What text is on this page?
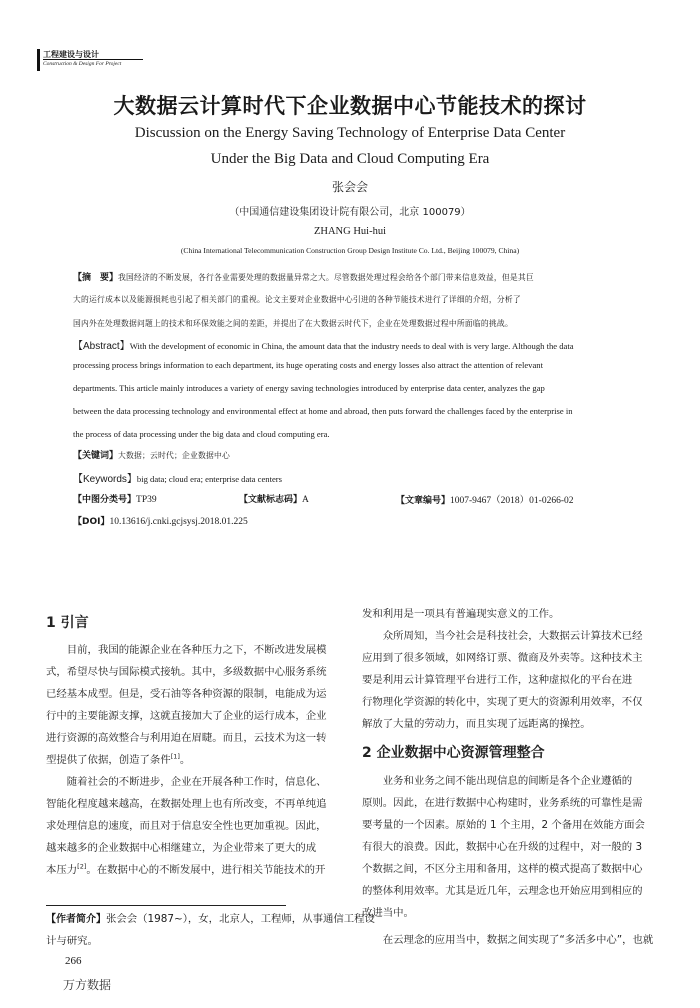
工程建设与设计
Construction & Design For Project
大数据云计算时代下企业数据中心节能技术的探讨
Discussion on the Energy Saving Technology of Enterprise Data Center
Under the Big Data and Cloud Computing Era
张会会
（中国通信建设集团设计院有限公司，北京 100079）
ZHANG Hui-hui
(China International Telecommunication Construction Group Design Institute Co. Ltd., Beijing 100079, China)
【摘　要】我国经济的不断发展，各行各业需要处理的数据量异常之大。尽管数据处理过程会给各个部门带来信息效益，但是其巨
大的运行成本以及能源损耗也引起了相关部门的重视。论文主要对企业数据中心引进的各种节能技术进行了详细的介绍，分析了
国内外在处理数据问题上的技术和环保效能之间的差距，并提出了在大数据云时代下，企业在处理数据过程中所面临的挑战。
【Abstract】With the development of economic in China, the amount data that the industry needs to deal with is very large. Although the data
processing process brings information to each department, its huge operating costs and energy losses also attract the attention of relevant
departments. This article mainly introduces a variety of energy saving technologies introduced by enterprise data center, analyzes the gap
between the data processing technology and environmental effect at home and abroad, then puts forward the challenges faced by the enterprise in
the process of data processing under the big data and cloud computing era.
【关键词】大数据；云时代；企业数据中心
【Keywords】big data; cloud era; enterprise data centers
【中图分类号】TP39	【文献标志码】A	【文章编号】1007-9467（2018）01-0266-02
【DOI】10.13616/j.cnki.gcjsysj.2018.01.225
1 引言
　　目前，我国的能源企业在各种压力之下，不断改进发展模
式，希望尽快与国际模式接轨。其中，多级数据中心服务系统
已经基本成型。但是，受石油等各种资源的限制，电能成为运
行中的主要能源支撑，这就直接加大了企业的运行成本，企业
进行资源的高效整合与利用迫在眉睫。而且，云技术为这一转
型提供了依据，创造了条件[1]。
　　随着社会的不断进步，企业在开展各种工作时，信息化、
智能化程度越来越高，在数据处理上也有所改变，不再单纯追
求处理信息的速度，而且对于信息安全性也更加重视。因此，
越来越多的企业数据中心相继建立，为企业带来了更大的成
本压力[2]。在数据中心的不断发展中，进行相关节能技术的开
【作者简介】张会会（1987~），女，北京人，工程师，从事通信工程设
计与研究。
发和利用是一项具有普遍现实意义的工作。
　　众所周知，当今社会是科技社会，大数据云计算技术已经
应用到了很多领域，如网络订票、微商及外卖等。这种技术主
要是利用云计算管理平台进行工作，这种虚拟化的平台在进
行物理化学资源的转化中，实现了更大的资源利用效率，不仅
解放了大量的劳动力，而且实现了远距离的操控。
2 企业数据中心资源管理整合
　　业务和业务之间不能出现信息的间断是各个企业遵循的
原则。因此，在进行数据中心构建时，业务系统的可靠性是需
要考量的一个因素。原始的 1 个主用，2 个备用在效能方面会
有很大的浪费。因此，数据中心在升级的过程中，对一般的 3
个数据之间，不区分主用和备用，这样的模式提高了数据中心
的整体利用效率。尤其是近几年，云理念也开始应用到相应的
改进当中。
　　在云理念的应用当中，数据之间实现了“多活多中心”，也就
266
万方数据
